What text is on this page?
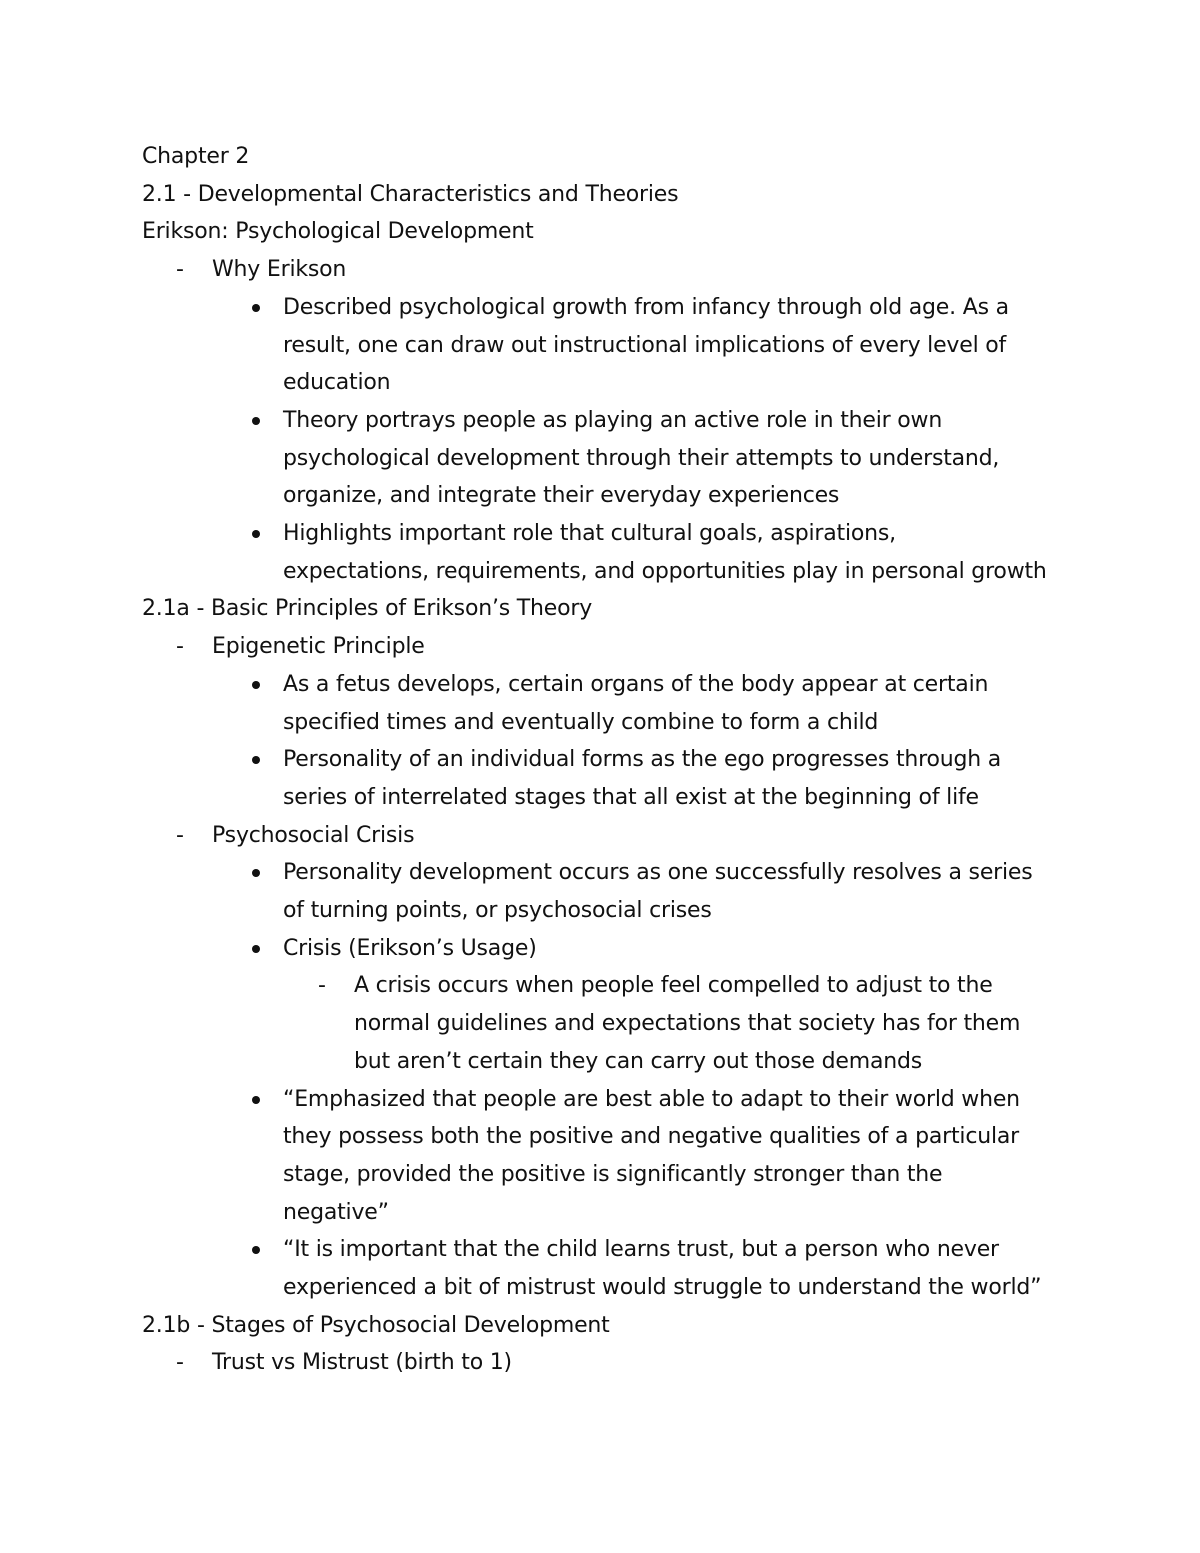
Chapter 2
2.1 - Developmental Characteristics and Theories
Erikson: Psychological Development
- Why Erikson
Described psychological growth from infancy through old age. As a
result, one can draw out instructional implications of every level of
education
Theory portrays people as playing an active role in their own
psychological development through their attempts to understand,
organize, and integrate their everyday experiences
Highlights important role that cultural goals, aspirations,
expectations, requirements, and opportunities play in personal growth
2.1a - Basic Principles of Erikson’s Theory
- Epigenetic Principle
As a fetus develops, certain organs of the body appear at certain
specified times and eventually combine to form a child
Personality of an individual forms as the ego progresses through a
series of interrelated stages that all exist at the beginning of life
- Psychosocial Crisis
Personality development occurs as one successfully resolves a series
of turning points, or psychosocial crises
Crisis (Erikson’s Usage)
- A crisis occurs when people feel compelled to adjust to the
normal guidelines and expectations that society has for them
but aren’t certain they can carry out those demands
“Emphasized that people are best able to adapt to their world when
they possess both the positive and negative qualities of a particular
stage, provided the positive is significantly stronger than the
negative”
“It is important that the child learns trust, but a person who never
experienced a bit of mistrust would struggle to understand the world”
2.1b - Stages of Psychosocial Development
- Trust vs Mistrust (birth to 1)
